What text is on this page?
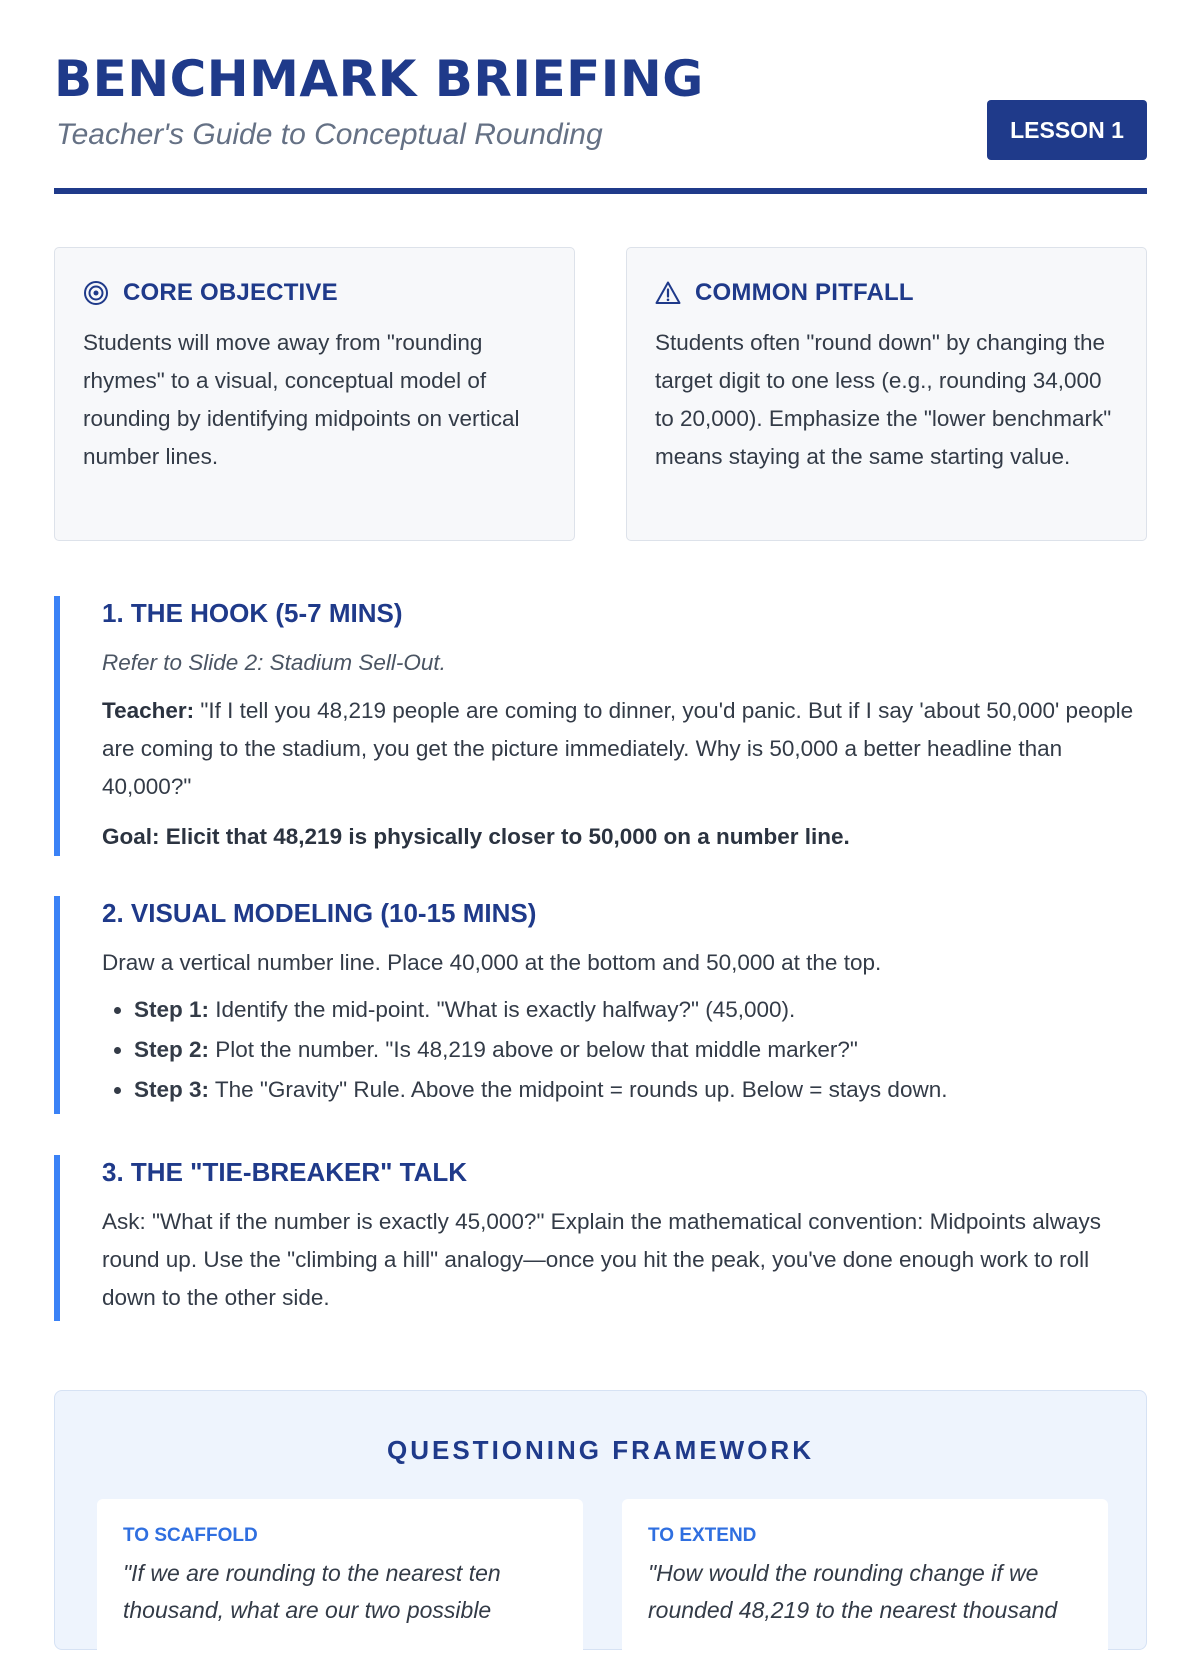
BENCHMARK BRIEFING

Teacher's Guide to Conceptual Rounding	LESSON 1
CORE OBJECTIVE

Students will move away from "rounding rhymes" to a visual, conceptual model of rounding by identifying midpoints on vertical number lines.

COMMON PITFALL

Students often "round down" by changing the target digit to one less (e.g., rounding 34,000 to 20,000). Emphasize the "lower benchmark" means staying at the same starting value.

1. THE HOOK (5-7 MINS)

Refer to Slide 2: Stadium Sell-Out.

Teacher: "If I tell you 48,219 people are coming to dinner, you'd panic. But if I say 'about 50,000' people are coming to the stadium, you get the picture immediately. Why is 50,000 a better headline than 40,000?"

Goal: Elicit that 48,219 is physically closer to 50,000 on a number line.

2. VISUAL MODELING (10-15 MINS)

Draw a vertical number line. Place 40,000 at the bottom and 50,000 at the top.

• Step 1: Identify the mid-point. "What is exactly halfway?" (45,000).
• Step 2: Plot the number. "Is 48,219 above or below that middle marker?"
• Step 3: The "Gravity" Rule. Above the midpoint = rounds up. Below = stays down.
3. THE "TIE-BREAKER" TALK

Ask: "What if the number is exactly 45,000?" Explain the mathematical convention: Midpoints always round up. Use the "climbing a hill" analogy—once you hit the peak, you've done enough work to roll down to the other side.

QUESTIONING FRAMEWORK

TO SCAFFOLD

"If we are rounding to the nearest ten thousand, what are our two possible

TO EXTEND

"How would the rounding change if we rounded 48,219 to the nearest thousand
